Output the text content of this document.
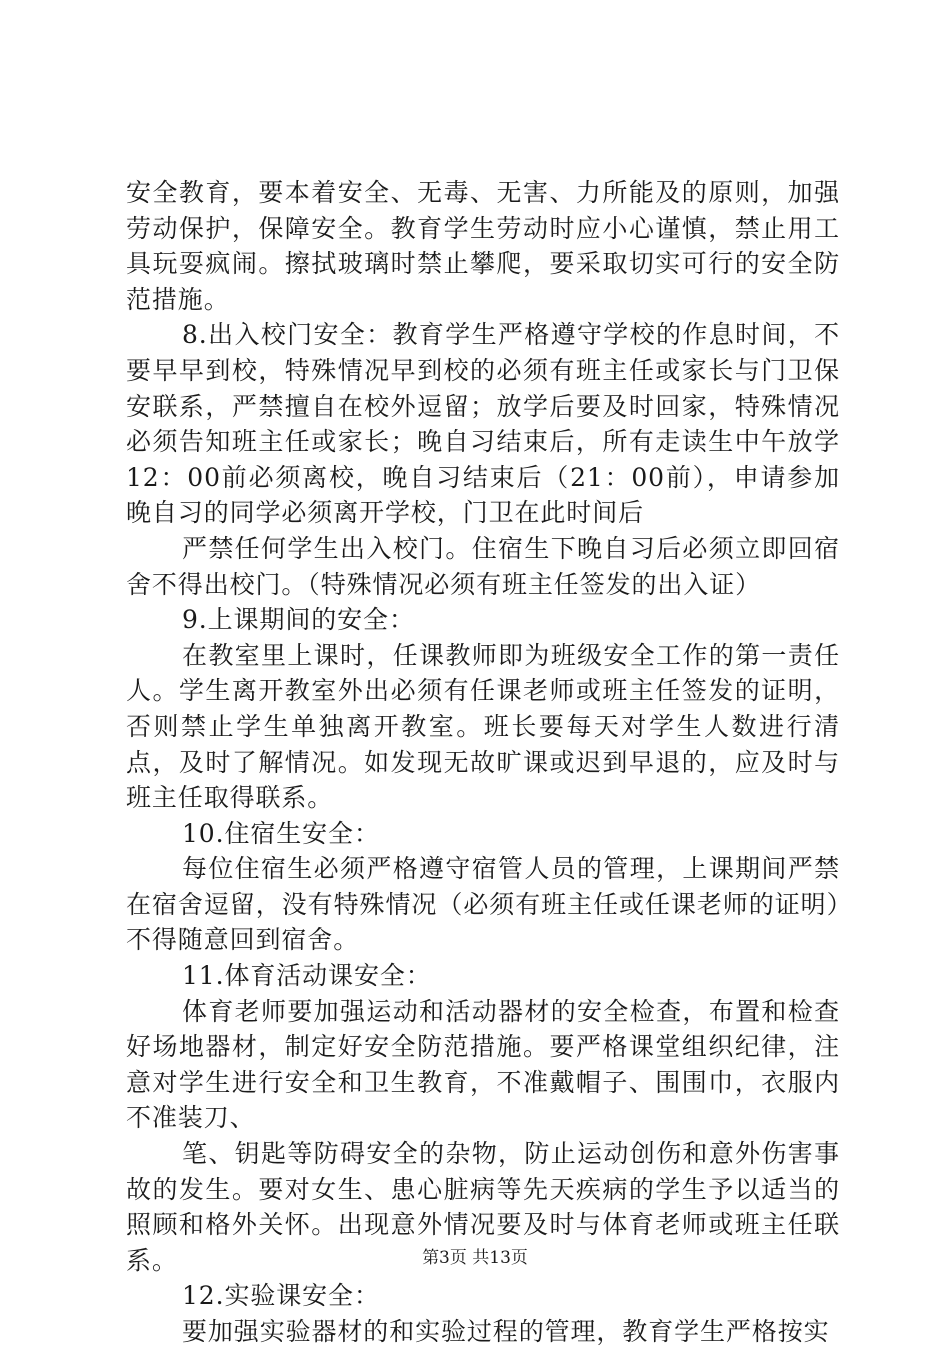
安全教育，要本着安全、无毒、无害、力所能及的原则，加强劳动保护，保障安全。教育学生劳动时应小心谨慎，禁止用工具玩耍疯闹。擦拭玻璃时禁止攀爬，要采取切实可行的安全防范措施。

8.出入校门安全：教育学生严格遵守学校的作息时间，不要早早到校，特殊情况早到校的必须有班主任或家长与门卫保安联系，严禁擅自在校外逗留；放学后要及时回家，特殊情况必须告知班主任或家长；晚自习结束后，所有走读生中午放学12：00前必须离校，晚自习结束后（21：00前），申请参加晚自习的同学必须离开学校，门卫在此时间后

严禁任何学生出入校门。住宿生下晚自习后必须立即回宿舍不得出校门。（特殊情况必须有班主任签发的出入证）

9.上课期间的安全：

在教室里上课时，任课教师即为班级安全工作的第一责任人。学生离开教室外出必须有任课老师或班主任签发的证明，否则禁止学生单独离开教室。班长要每天对学生人数进行清点，及时了解情况。如发现无故旷课或迟到早退的，应及时与班主任取得联系。

10.住宿生安全：

每位住宿生必须严格遵守宿管人员的管理，上课期间严禁在宿舍逗留，没有特殊情况（必须有班主任或任课老师的证明）不得随意回到宿舍。

11.体育活动课安全：

体育老师要加强运动和活动器材的安全检查，布置和检查好场地器材，制定好安全防范措施。要严格课堂组织纪律，注意对学生进行安全和卫生教育，不准戴帽子、围围巾，衣服内不准装刀、

笔、钥匙等防碍安全的杂物，防止运动创伤和意外伤害事故的发生。要对女生、患心脏病等先天疾病的学生予以适当的照顾和格外关怀。出现意外情况要及时与体育老师或班主任联系。

12.实验课安全：

要加强实验器材的和实验过程的管理，教育学生严格按实

第3页 共13页
